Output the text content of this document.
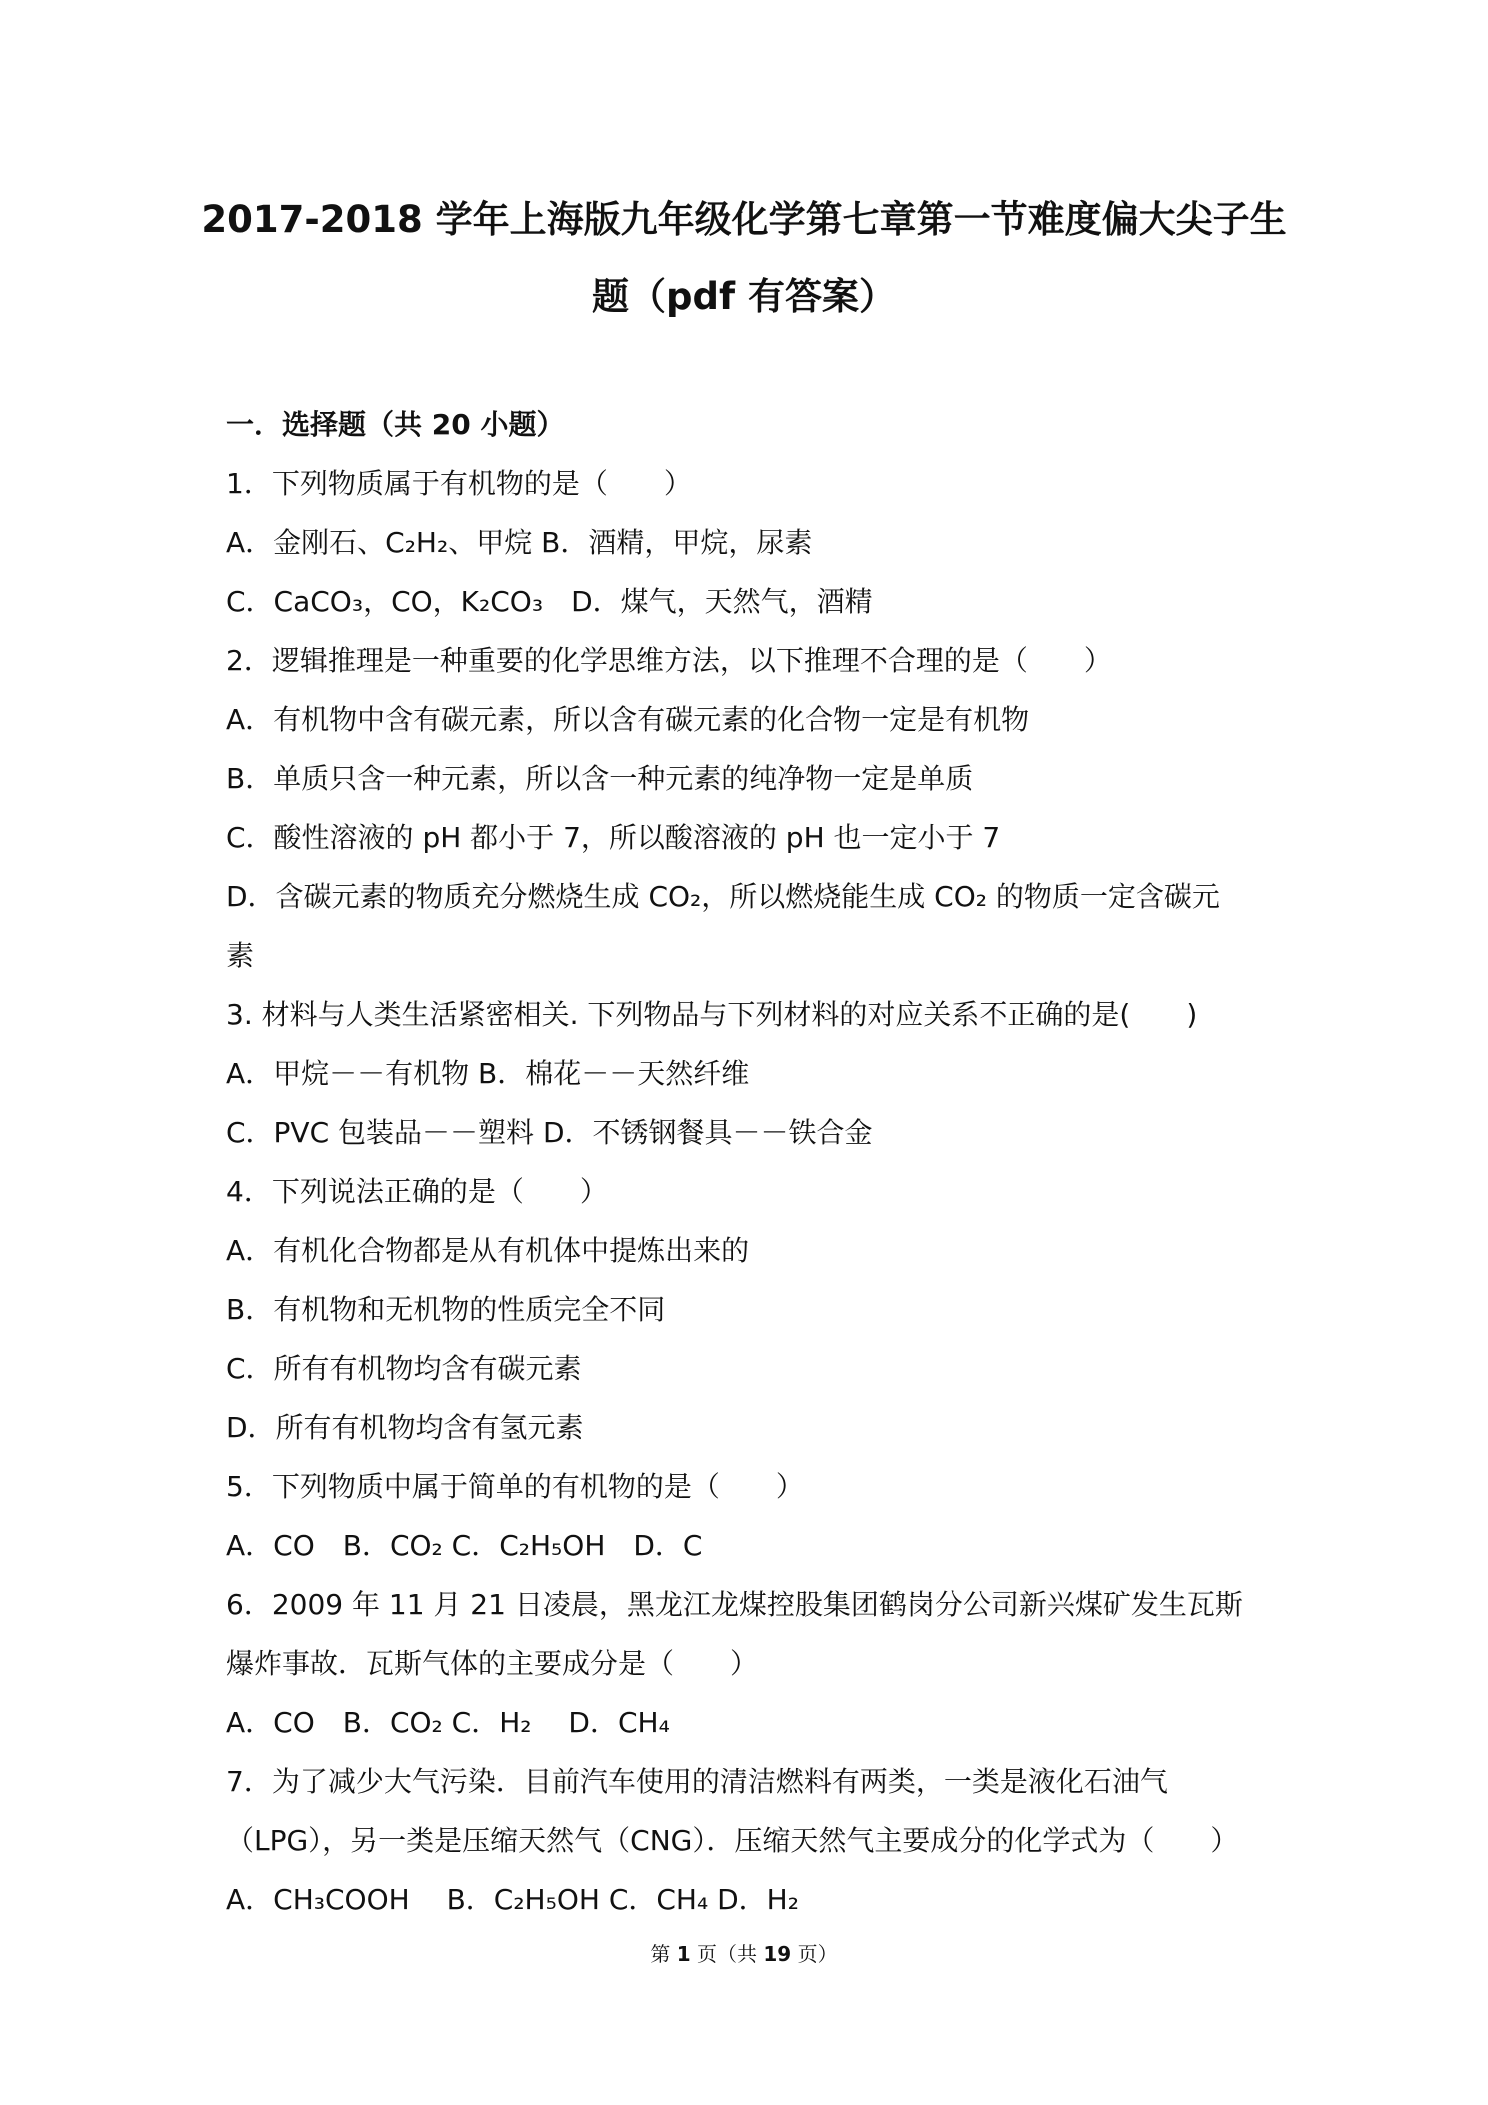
2017-2018 学年上海版九年级化学第七章第一节难度偏大尖子生
题（pdf 有答案）
一．选择题（共 20 小题）
1．下列物质属于有机物的是（　　）
A．金刚石、C₂H₂、甲烷 B．酒精，甲烷，尿素
C．CaCO₃，CO，K₂CO₃　D．煤气，天然气，酒精
2．逻辑推理是一种重要的化学思维方法，以下推理不合理的是（　　）
A．有机物中含有碳元素，所以含有碳元素的化合物一定是有机物
B．单质只含一种元素，所以含一种元素的纯净物一定是单质
C．酸性溶液的 pH 都小于 7，所以酸溶液的 pH 也一定小于 7
D．含碳元素的物质充分燃烧生成 CO₂，所以燃烧能生成 CO₂ 的物质一定含碳元
素
3. 材料与人类生活紧密相关. 下列物品与下列材料的对应关系不正确的是(　　)
A．甲烷－－有机物 B．棉花－－天然纤维
C．PVC 包装品－－塑料 D．不锈钢餐具－－铁合金
4．下列说法正确的是（　　）
A．有机化合物都是从有机体中提炼出来的
B．有机物和无机物的性质完全不同
C．所有有机物均含有碳元素
D．所有有机物均含有氢元素
5．下列物质中属于简单的有机物的是（　　）
A．CO　B．CO₂ C．C₂H₅OH　D．C
6．2009 年 11 月 21 日凌晨，黑龙江龙煤控股集团鹤岗分公司新兴煤矿发生瓦斯
爆炸事故．瓦斯气体的主要成分是（　　）
A．CO　B．CO₂ C．H₂　 D．CH₄
7．为了减少大气污染．目前汽车使用的清洁燃料有两类，一类是液化石油气
（LPG），另一类是压缩天然气（CNG）．压缩天然气主要成分的化学式为（　　）
A．CH₃COOH　 B．C₂H₅OH C．CH₄ D．H₂
第 1 页（共 19 页）
